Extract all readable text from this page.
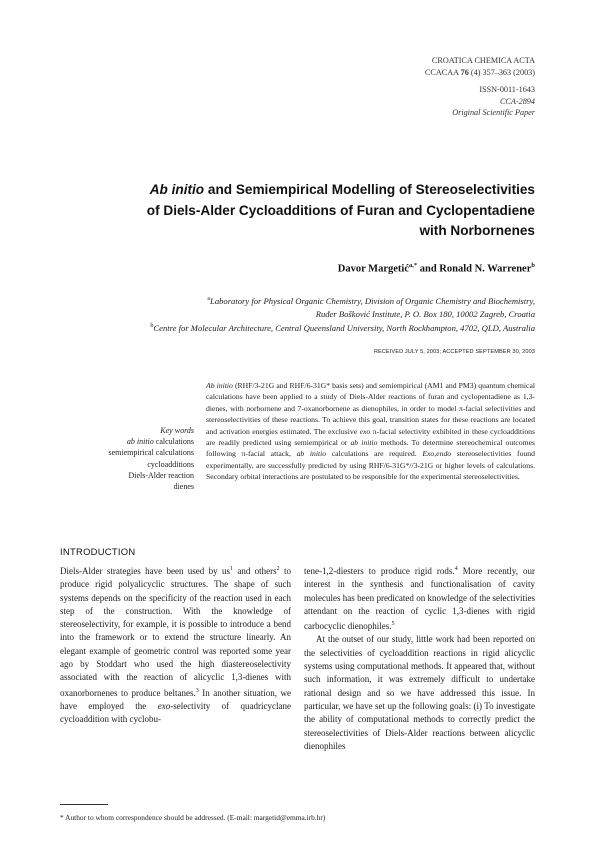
CROATICA CHEMICA ACTA
CCACAA 76 (4) 357–363 (2003)
ISSN-0011-1643
CCA-2894
Original Scientific Paper
Ab initio and Semiempirical Modelling of Stereoselectivities
of Diels-Alder Cycloadditions of Furan and Cyclopentadiene
with Norbornenes
Davor Margetić$^{a,*}$ and Ronald N. Warrener$^b$
$^a$Laboratory for Physical Organic Chemistry, Division of Organic Chemistry and Biochemistry,
Ruđer Bošković Institute, P. O. Box 180, 10002 Zagreb, Croatia
$^b$Centre for Molecular Architecture, Central Queensland University, North Rockhampton, 4702, QLD, Australia
RECEIVED JULY 5, 2003; ACCEPTED SEPTEMBER 30, 2003
Key words
ab initio calculations
semiempirical calculations
cycloadditions
Diels-Alder reaction
dienes
Ab initio (RHF/3-21G and RHF/6-31G* basis sets) and semiempirical (AM1 and PM3) quantum chemical calculations have been applied to a study of Diels-Alder reactions of furan and cyclopentadiene as 1,3-dienes, with norbornene and 7-oxanorbornene as dienophiles, in order to model π-facial selectivities and stereoselectivities of these reactions. To achieve this goal, transition states for these reactions are located and activation energies estimated. The exclusive exo π-facial selectivity exhibited in these cycloadditions are readily predicted using semiempirical or ab initio methods. To determine stereochemical outcomes following π-facial attack, ab initio calculations are required. Exo,endo stereoselectivities found experimentally, are successfully predicted by using RHF/6-31G*//3-21G or higher levels of calculations. Secondary orbital interactions are postulated to be responsible for the experimental stereoselectivities.
INTRODUCTION

Diels-Alder strategies have been used by $us^1$ and others$^2$ to produce rigid polyalicyclic structures. The shape of such systems depends on the specificity of the reaction used in each step of the construction. With the knowledge of stereoselectivity, for example, it is possible to introduce a bend into the framework or to extend the structure linearly. An elegant example of geometric control was reported some year ago by Stoddart who used the high diastereoselectivity associated with the reaction of alicyclic 1,3-dienes with oxanorbornenes to produce beltanes.$^3$ In another situation, we have employed the exo-selectivity of quadricyclane cycloaddition with cyclobu-

tene-1,2-diesters to produce rigid rods.$^4$ More recently, our interest in the synthesis and functionalisation of cavity molecules has been predicated on knowledge of the selectivities attendant on the reaction of cyclic 1,3-dienes with rigid carbocyclic dienophiles.$^5$

At the outset of our study, little work had been reported on the selectivities of cycloaddition reactions in rigid alicyclic systems using computational methods. It appeared that, without such information, it was extremely difficult to undertake rational design and so we have addressed this issue. In particular, we have set up the following goals: (i) To investigate the ability of computational methods to correctly predict the stereoselectivities of Diels-Alder reactions between alicyclic dienophiles

* Author to whom correspondence should be addressed. (E-mail: margetid@emma.irb.hr)
